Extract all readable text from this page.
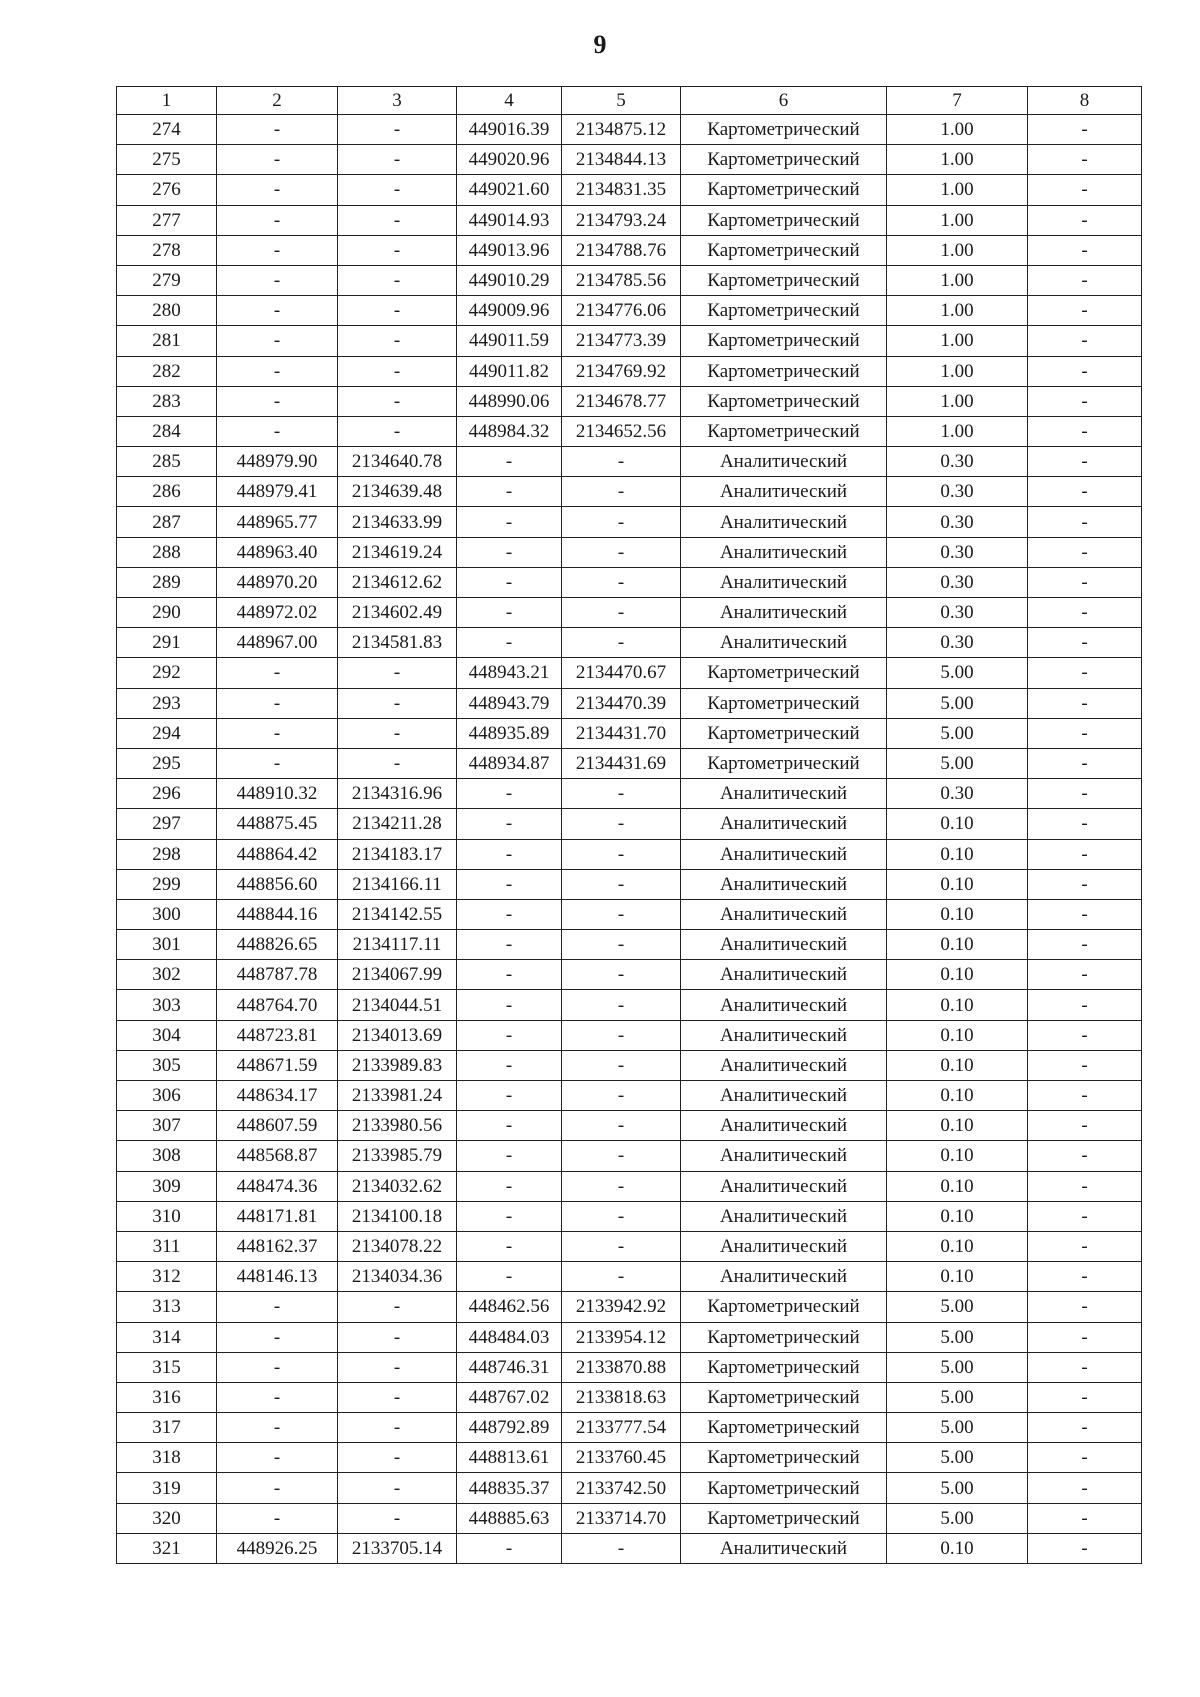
9
1	2	3	4	5	6	7	8
274	-	-	449016.39	2134875.12	Картометрический	1.00	-
275	-	-	449020.96	2134844.13	Картометрический	1.00	-
276	-	-	449021.60	2134831.35	Картометрический	1.00	-
277	-	-	449014.93	2134793.24	Картометрический	1.00	-
278	-	-	449013.96	2134788.76	Картометрический	1.00	-
279	-	-	449010.29	2134785.56	Картометрический	1.00	-
280	-	-	449009.96	2134776.06	Картометрический	1.00	-
281	-	-	449011.59	2134773.39	Картометрический	1.00	-
282	-	-	449011.82	2134769.92	Картометрический	1.00	-
283	-	-	448990.06	2134678.77	Картометрический	1.00	-
284	-	-	448984.32	2134652.56	Картометрический	1.00	-
285	448979.90	2134640.78	-	-	Аналитический	0.30	-
286	448979.41	2134639.48	-	-	Аналитический	0.30	-
287	448965.77	2134633.99	-	-	Аналитический	0.30	-
288	448963.40	2134619.24	-	-	Аналитический	0.30	-
289	448970.20	2134612.62	-	-	Аналитический	0.30	-
290	448972.02	2134602.49	-	-	Аналитический	0.30	-
291	448967.00	2134581.83	-	-	Аналитический	0.30	-
292	-	-	448943.21	2134470.67	Картометрический	5.00	-
293	-	-	448943.79	2134470.39	Картометрический	5.00	-
294	-	-	448935.89	2134431.70	Картометрический	5.00	-
295	-	-	448934.87	2134431.69	Картометрический	5.00	-
296	448910.32	2134316.96	-	-	Аналитический	0.30	-
297	448875.45	2134211.28	-	-	Аналитический	0.10	-
298	448864.42	2134183.17	-	-	Аналитический	0.10	-
299	448856.60	2134166.11	-	-	Аналитический	0.10	-
300	448844.16	2134142.55	-	-	Аналитический	0.10	-
301	448826.65	2134117.11	-	-	Аналитический	0.10	-
302	448787.78	2134067.99	-	-	Аналитический	0.10	-
303	448764.70	2134044.51	-	-	Аналитический	0.10	-
304	448723.81	2134013.69	-	-	Аналитический	0.10	-
305	448671.59	2133989.83	-	-	Аналитический	0.10	-
306	448634.17	2133981.24	-	-	Аналитический	0.10	-
307	448607.59	2133980.56	-	-	Аналитический	0.10	-
308	448568.87	2133985.79	-	-	Аналитический	0.10	-
309	448474.36	2134032.62	-	-	Аналитический	0.10	-
310	448171.81	2134100.18	-	-	Аналитический	0.10	-
311	448162.37	2134078.22	-	-	Аналитический	0.10	-
312	448146.13	2134034.36	-	-	Аналитический	0.10	-
313	-	-	448462.56	2133942.92	Картометрический	5.00	-
314	-	-	448484.03	2133954.12	Картометрический	5.00	-
315	-	-	448746.31	2133870.88	Картометрический	5.00	-
316	-	-	448767.02	2133818.63	Картометрический	5.00	-
317	-	-	448792.89	2133777.54	Картометрический	5.00	-
318	-	-	448813.61	2133760.45	Картометрический	5.00	-
319	-	-	448835.37	2133742.50	Картометрический	5.00	-
320	-	-	448885.63	2133714.70	Картометрический	5.00	-
321	448926.25	2133705.14	-	-	Аналитический	0.10	-
